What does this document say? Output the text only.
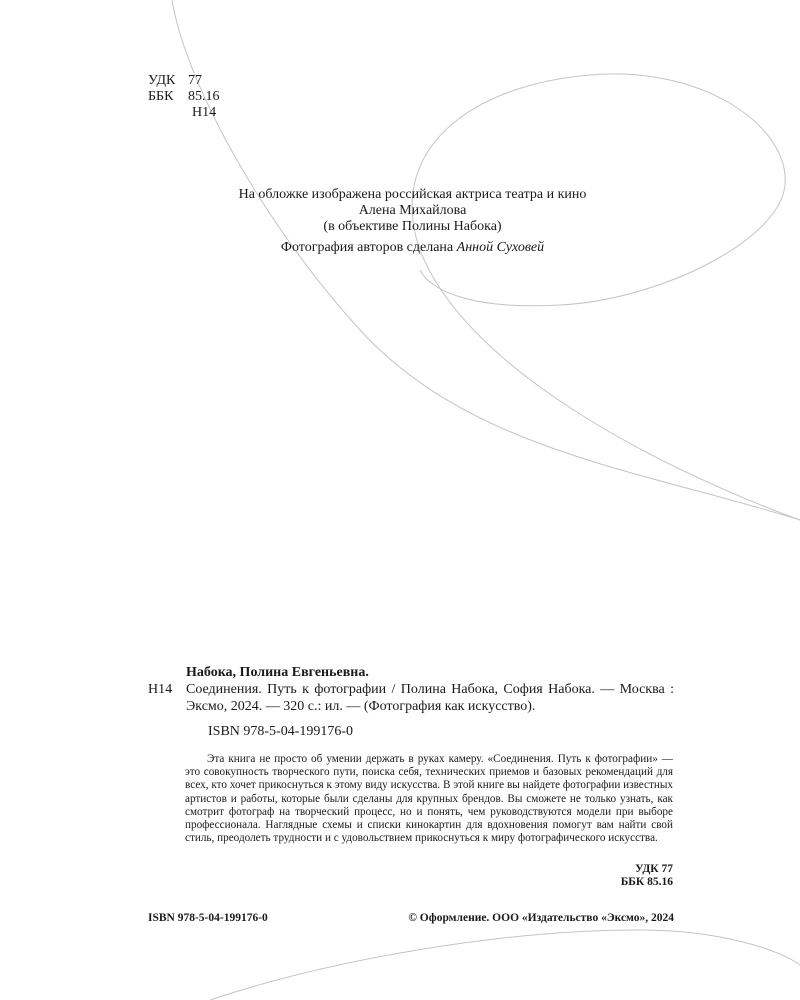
УДК 77
ББК 85.16
Н14
На обложке изображена российская актриса театра и кино
Алена Михайлова
(в объективе Полины Набока)
Фотография авторов сделана Анной Суховей
Набока, Полина Евгеньевна.
Н14 Соединения. Путь к фотографии / Полина Набока, София Набока. — Москва : Эксмо, 2024. — 320 с.: ил. — (Фотография как искусство).
ISBN 978-5-04-199176-0

Эта книга не просто об умении держать в руках камеру. «Соединения. Путь к фотографии» — это совокупность творческого пути, поиска себя, технических приемов и базовых рекомендаций для всех, кто хочет прикоснуться к этому виду искусства. В этой книге вы найдете фотографии известных артистов и работы, которые были сделаны для крупных брендов. Вы сможете не только узнать, как смотрит фотограф на творческий процесс, но и понять, чем руководствуются модели при выборе профессионала. Наглядные схемы и списки кинокартин для вдохновения помогут вам найти свой стиль, преодолеть трудности и с удовольствием прикоснуться к миру фотографического искусства.

УДК 77
ББК 85.16
ISBN 978-5-04-199176-0	© Оформление. ООО «Издательство «Эксмо», 2024
